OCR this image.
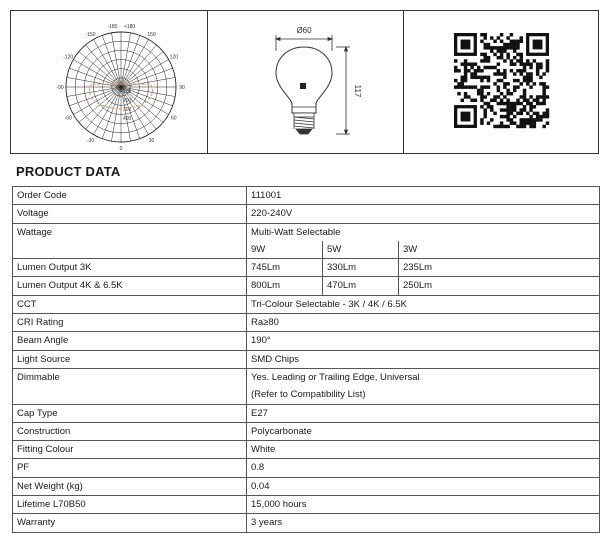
-180 +180
-150	150
-120	120
-90	90
-60	60
-30	30
0
100
200
300
400
Ø60
117
PRODUCT DATA
Order Code	111001		
Voltage	220-240V		
Wattage	Multi-Watt Selectable		
	9W	5W	3W
Lumen Output 3K	745Lm	330Lm	235Lm
Lumen Output 4K & 6.5K	800Lm	470Lm	250Lm
CCT	Tri-Colour Selectable - 3K / 4K / 6.5K		
CRI Rating	Ra≥80		
Beam Angle	190°		
Light Source	SMD Chips		
Dimmable	Yes. Leading or Trailing Edge, Universal		
	(Refer to Compatibility List)		
Cap Type	E27		
Construction	Polycarbonate		
Fitting Colour	White		
PF	0.8		
Net Weight (kg)	0.04		
Lifetime L70B50	15,000 hours		
Warranty	3 years		
